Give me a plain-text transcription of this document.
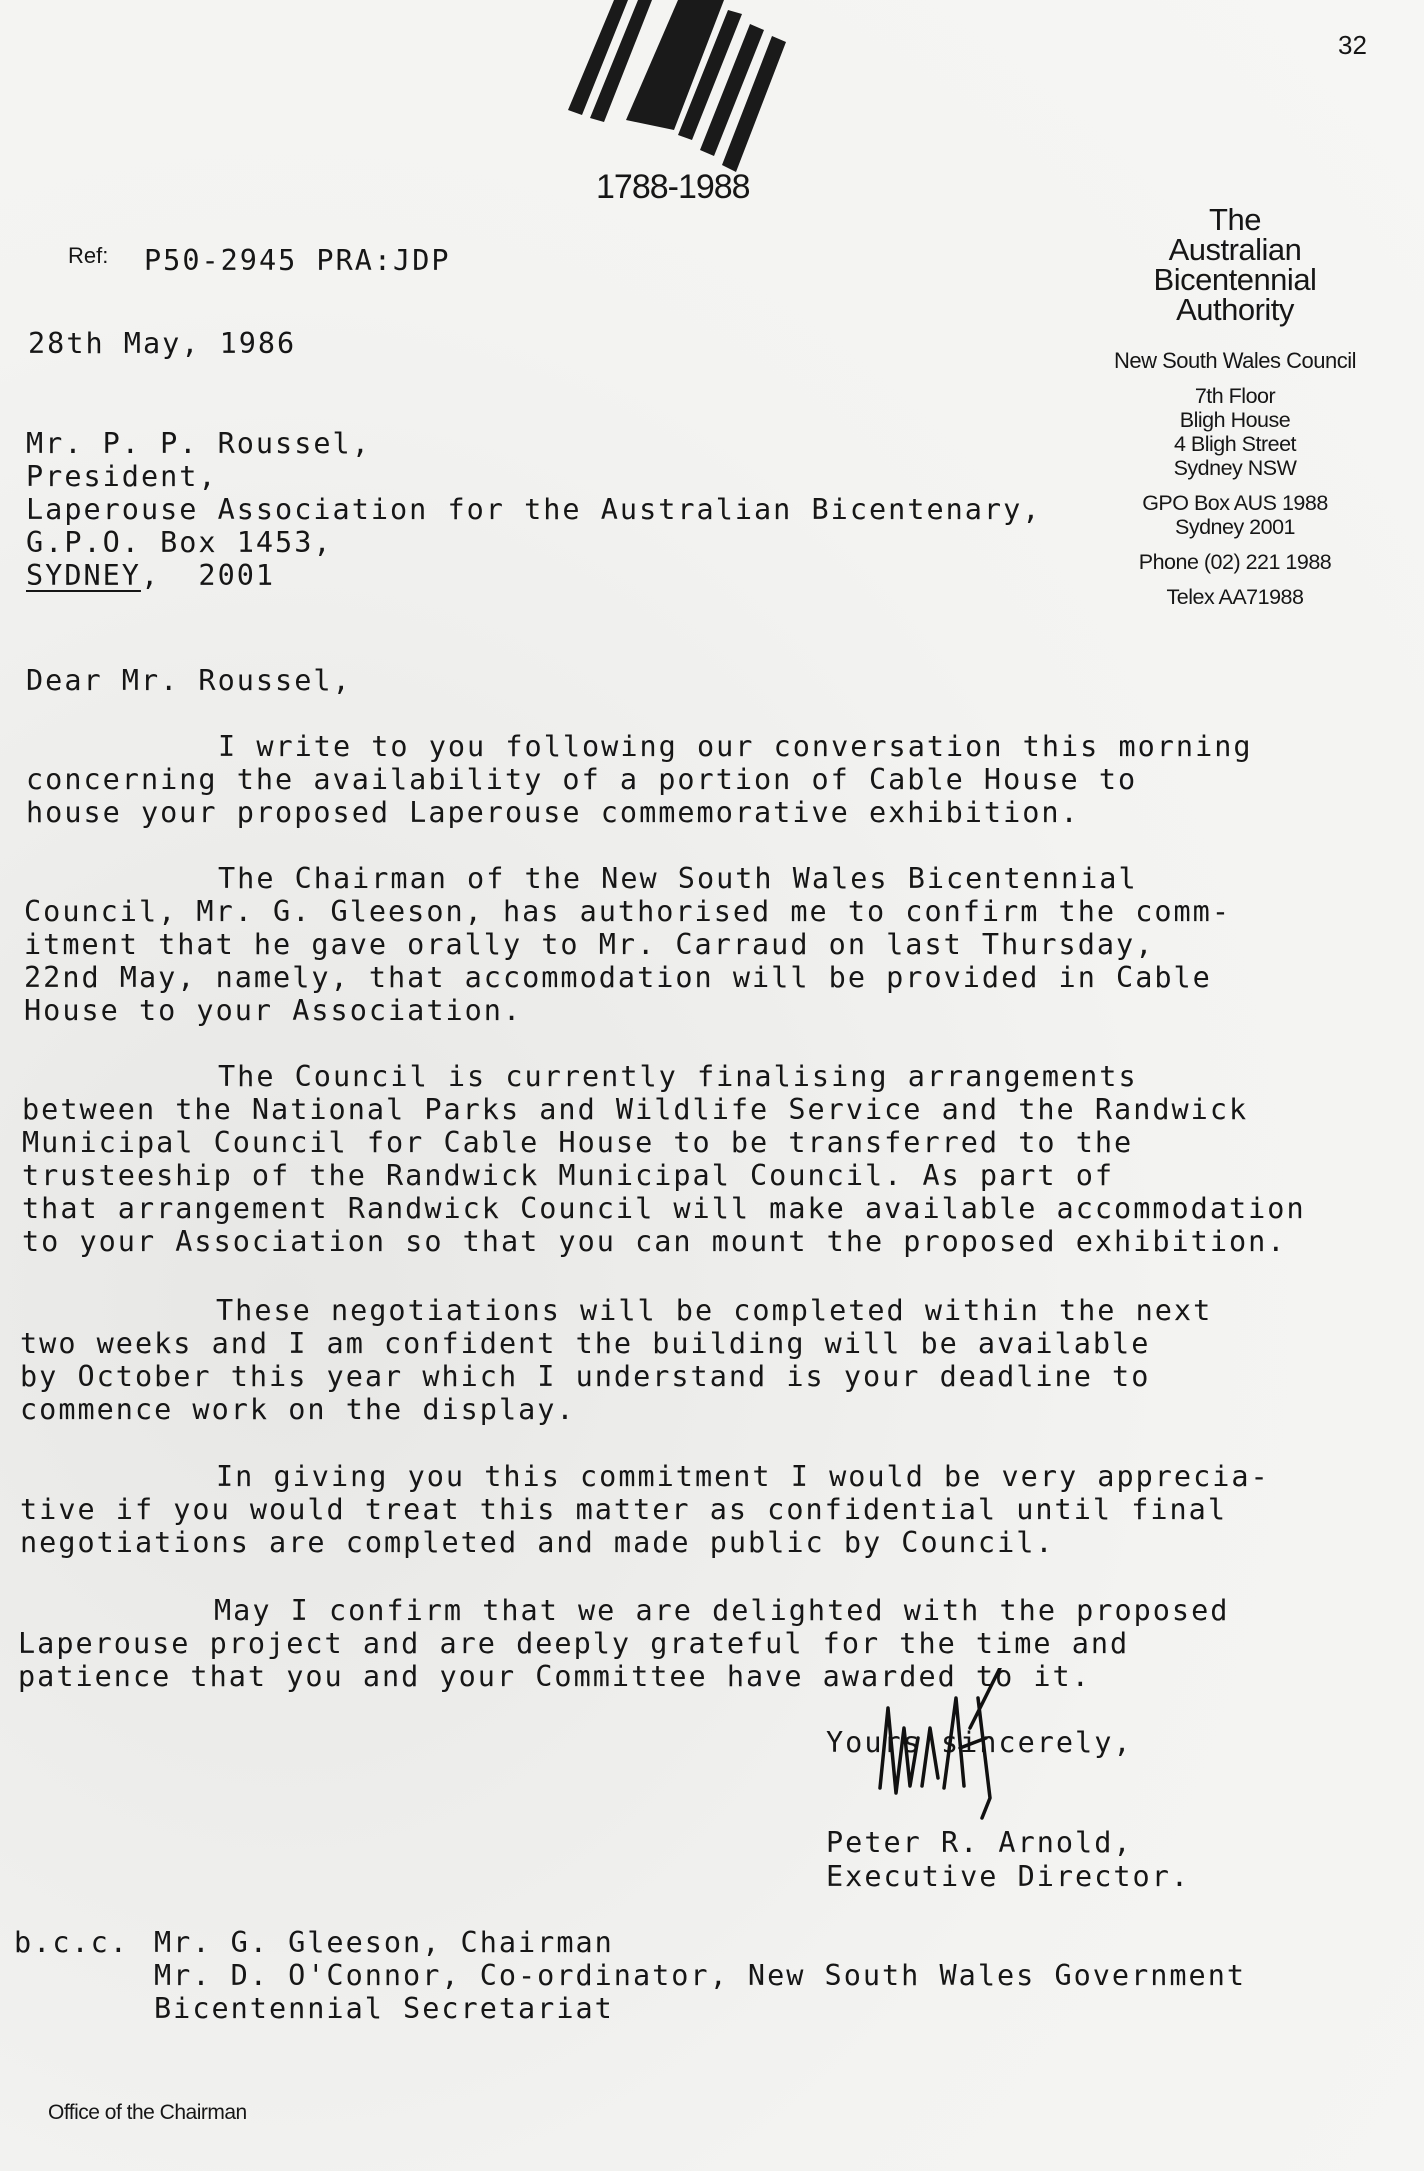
32
1788-1988
The
Australian
Bicentennial
Authority
New South Wales Council
7th Floor
Bligh House
4 Bligh Street
Sydney NSW
GPO Box AUS 1988
Sydney 2001
Phone (02) 221 1988
Telex AA71988
Ref: P50-2945 PRA:JDP
28th May, 1986
Mr. P. P. Roussel,
President,
Laperouse Association for the Australian Bicentenary,
G.P.O. Box 1453,
SYDNEY,  2001
Dear Mr. Roussel,
I write to you following our conversation this morning
concerning the availability of a portion of Cable House to
house your proposed Laperouse commemorative exhibition.
The Chairman of the New South Wales Bicentennial
Council, Mr. G. Gleeson, has authorised me to confirm the comm-
itment that he gave orally to Mr. Carraud on last Thursday,
22nd May, namely, that accommodation will be provided in Cable
House to your Association.
The Council is currently finalising arrangements
between the National Parks and Wildlife Service and the Randwick
Municipal Council for Cable House to be transferred to the
trusteeship of the Randwick Municipal Council. As part of
that arrangement Randwick Council will make available accommodation
to your Association so that you can mount the proposed exhibition.
These negotiations will be completed within the next
two weeks and I am confident the building will be available
by October this year which I understand is your deadline to
commence work on the display.
In giving you this commitment I would be very apprecia-
tive if you would treat this matter as confidential until final
negotiations are completed and made public by Council.
May I confirm that we are delighted with the proposed
Laperouse project and are deeply grateful for the time and
patience that you and your Committee have awarded to it.
Yours sincerely,
Peter R. Arnold,
Executive Director.
b.c.c. Mr. G. Gleeson, Chairman
Mr. D. O'Connor, Co-ordinator, New South Wales Government
Bicentennial Secretariat
Office of the Chairman
